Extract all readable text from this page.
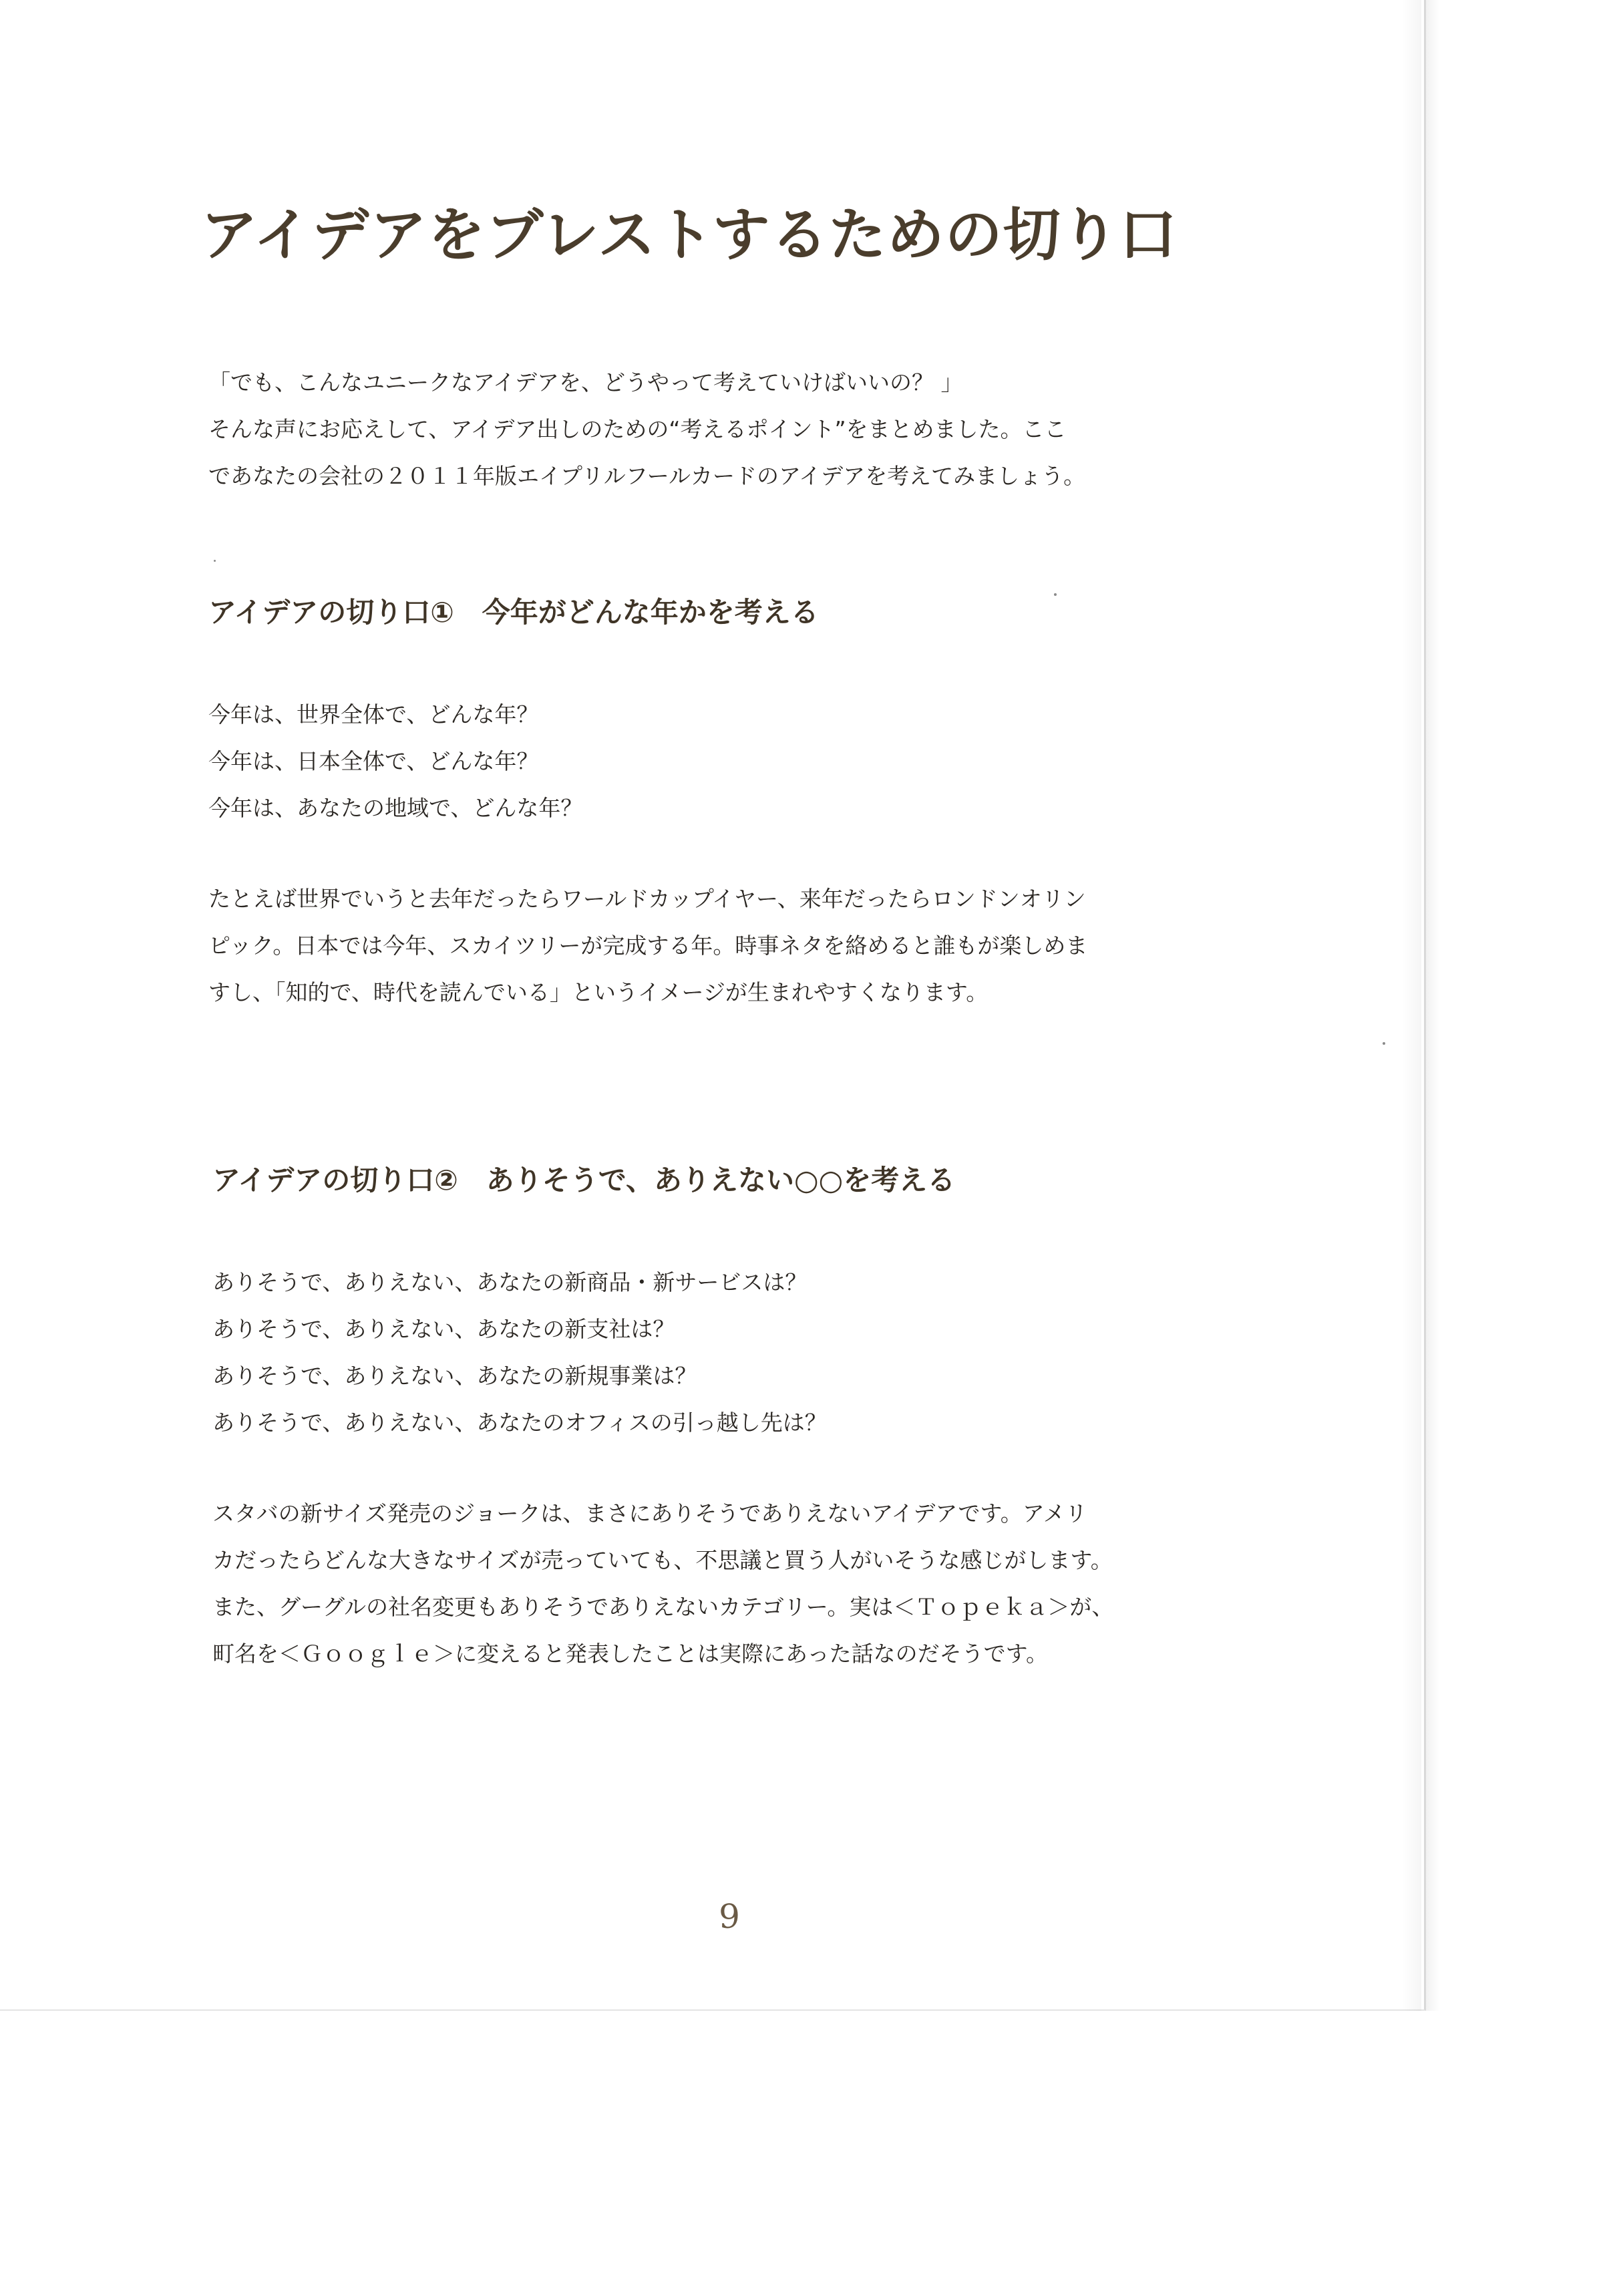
アイデアをブレストするための切り口
「でも、こんなユニークなアイデアを、どうやって考えていけばいいの？ 」
そんな声にお応えして、アイデア出しのための“考えるポイント”をまとめました。ここ
であなたの会社の２０１１年版エイプリルフールカードのアイデアを考えてみましょう。
アイデアの切り口①　今年がどんな年かを考える
今年は、世界全体で、どんな年？
今年は、日本全体で、どんな年？
今年は、あなたの地域で、どんな年？
たとえば世界でいうと去年だったらワールドカップイヤー、来年だったらロンドンオリン
ピック。日本では今年、スカイツリーが完成する年。時事ネタを絡めると誰もが楽しめま
すし、「知的で、時代を読んでいる」というイメージが生まれやすくなります。
アイデアの切り口②　ありそうで、ありえない○○を考える
ありそうで、ありえない、あなたの新商品・新サービスは？
ありそうで、ありえない、あなたの新支社は？
ありそうで、ありえない、あなたの新規事業は？
ありそうで、ありえない、あなたのオフィスの引っ越し先は？
スタバの新サイズ発売のジョークは、まさにありそうでありえないアイデアです。アメリ
カだったらどんな大きなサイズが売っていても、不思議と買う人がいそうな感じがします。
また、グーグルの社名変更もありそうでありえないカテゴリー。実は＜Ｔｏｐｅｋａ＞が、
町名を＜Ｇｏｏｇｌｅ＞に変えると発表したことは実際にあった話なのだそうです。
9
